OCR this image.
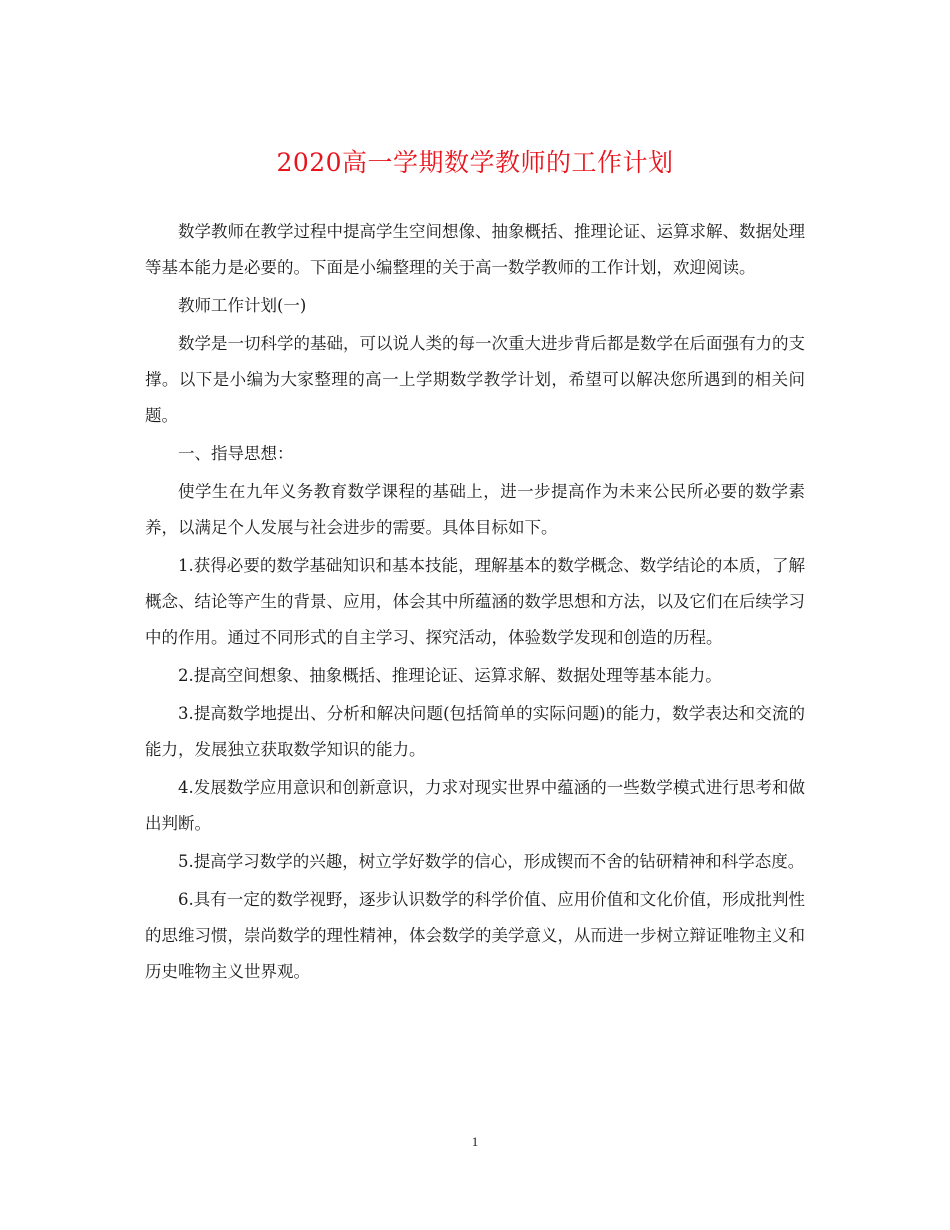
2020高一学期数学教师的工作计划

数学教师在教学过程中提高学生空间想像、抽象概括、推理论证、运算求解、数据处理等基本能力是必要的。下面是小编整理的关于高一数学教师的工作计划，欢迎阅读。

教师工作计划(一)

数学是一切科学的基础，可以说人类的每一次重大进步背后都是数学在后面强有力的支撑。以下是小编为大家整理的高一上学期数学教学计划，希望可以解决您所遇到的相关问题。

一、指导思想：

使学生在九年义务教育数学课程的基础上，进一步提高作为未来公民所必要的数学素养，以满足个人发展与社会进步的需要。具体目标如下。

1.获得必要的数学基础知识和基本技能，理解基本的数学概念、数学结论的本质，了解概念、结论等产生的背景、应用，体会其中所蕴涵的数学思想和方法，以及它们在后续学习中的作用。通过不同形式的自主学习、探究活动，体验数学发现和创造的历程。

2.提高空间想象、抽象概括、推理论证、运算求解、数据处理等基本能力。

3.提高数学地提出、分析和解决问题(包括简单的实际问题)的能力，数学表达和交流的能力，发展独立获取数学知识的能力。

4.发展数学应用意识和创新意识，力求对现实世界中蕴涵的一些数学模式进行思考和做出判断。

5.提高学习数学的兴趣，树立学好数学的信心，形成锲而不舍的钻研精神和科学态度。

6.具有一定的数学视野，逐步认识数学的科学价值、应用价值和文化价值，形成批判性的思维习惯，崇尚数学的理性精神，体会数学的美学意义，从而进一步树立辩证唯物主义和历史唯物主义世界观。

1
